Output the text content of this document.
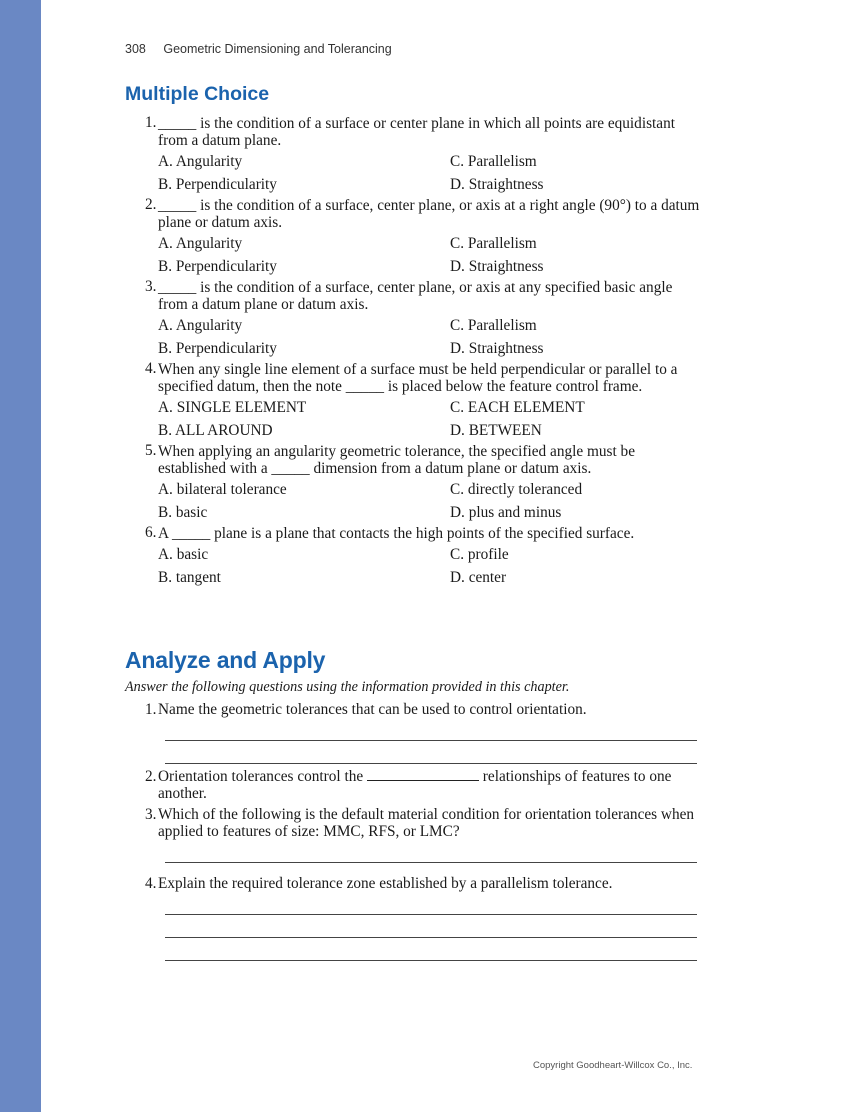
308 Geometric Dimensioning and Tolerancing
Multiple Choice
1. _____ is the condition of a surface or center plane in which all points are equidistant from a datum plane.
A. Angularity	C. Parallelism
B. Perpendicularity	D. Straightness
2. _____ is the condition of a surface, center plane, or axis at a right angle (90°) to a datum plane or datum axis.
A. Angularity	C. Parallelism
B. Perpendicularity	D. Straightness
3. _____ is the condition of a surface, center plane, or axis at any specified basic angle from a datum plane or datum axis.
A. Angularity	C. Parallelism
B. Perpendicularity	D. Straightness
4. When any single line element of a surface must be held perpendicular or parallel to a specified datum, then the note _____ is placed below the feature control frame.
A. SINGLE ELEMENT	C. EACH ELEMENT
B. ALL AROUND	D. BETWEEN
5. When applying an angularity geometric tolerance, the specified angle must be established with a _____ dimension from a datum plane or datum axis.
A. bilateral tolerance	C. directly toleranced
B. basic	D. plus and minus
6. A _____ plane is a plane that contacts the high points of the specified surface.
A. basic	C. profile
B. tangent	D. center
Analyze and Apply
Answer the following questions using the information provided in this chapter.
1. Name the geometric tolerances that can be used to control orientation.
2. Orientation tolerances control the	relationships of features to one another.
3. Which of the following is the default material condition for orientation tolerances when applied to features of size: MMC, RFS, or LMC?
4. Explain the required tolerance zone established by a parallelism tolerance.
Copyright Goodheart-Willcox Co., Inc.
